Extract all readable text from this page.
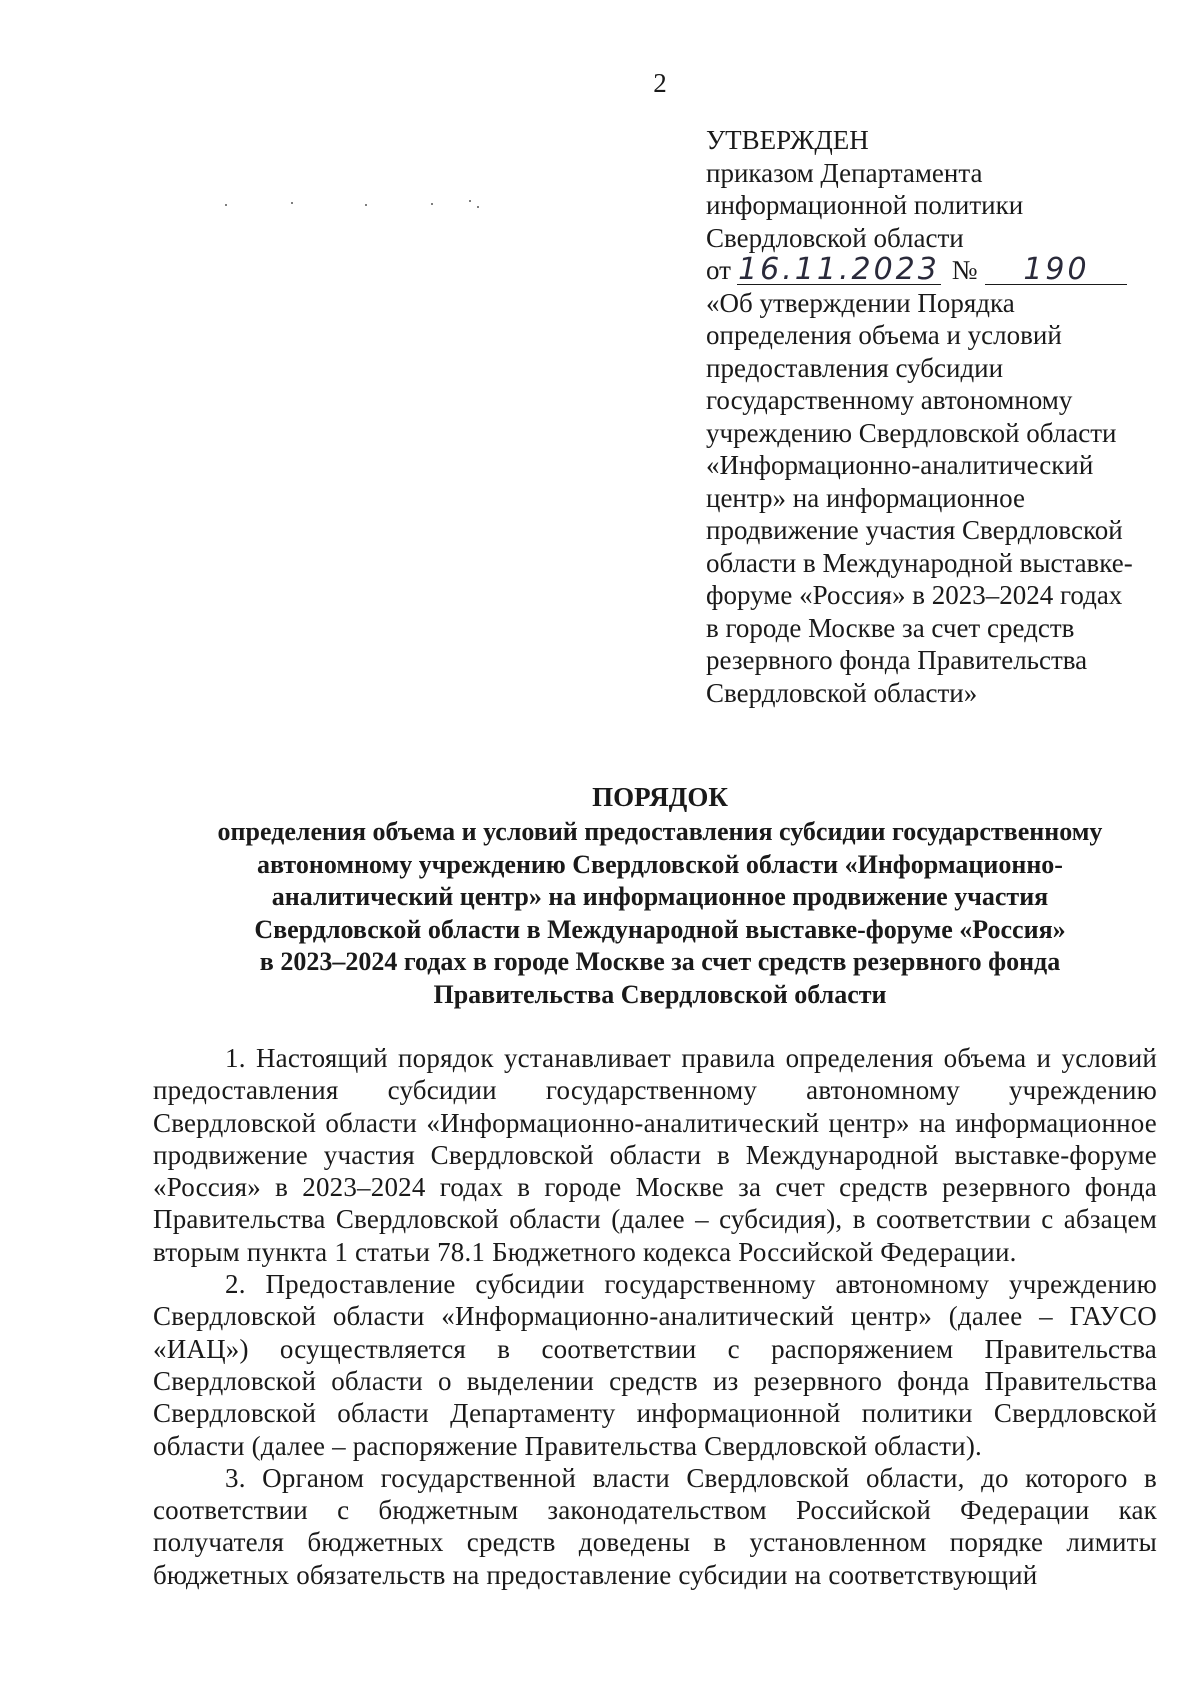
2
УТВЕРЖДЕН
приказом Департамента
информационной политики
Свердловской области
от 16.11.2023 № 190
«Об утверждении Порядка
определения объема и условий
предоставления субсидии
государственному автономному
учреждению Свердловской области
«Информационно-аналитический
центр» на информационное
продвижение участия Свердловской
области в Международной выставке-
форуме «Россия» в 2023–2024 годах
в городе Москве за счет средств
резервного фонда Правительства
Свердловской области»
ПОРЯДОК
определения объема и условий предоставления субсидии государственному
автономному учреждению Свердловской области «Информационно-
аналитический центр» на информационное продвижение участия
Свердловской области в Международной выставке-форуме «Россия»
в 2023–2024 годах в городе Москве за счет средств резервного фонда
Правительства Свердловской области

1. Настоящий порядок устанавливает правила определения объема и условий предоставления субсидии государственному автономному учреждению Свердловской области «Информационно-аналитический центр» на информационное продвижение участия Свердловской области в Международной выставке-форуме «Россия» в 2023–2024 годах в городе Москве за счет средств резервного фонда Правительства Свердловской области (далее – субсидия), в соответствии с абзацем вторым пункта 1 статьи 78.1 Бюджетного кодекса Российской Федерации.

2. Предоставление субсидии государственному автономному учреждению Свердловской области «Информационно-аналитический центр» (далее – ГАУСО «ИАЦ») осуществляется в соответствии с распоряжением Правительства Свердловской области о выделении средств из резервного фонда Правительства Свердловской области Департаменту информационной политики Свердловской области (далее – распоряжение Правительства Свердловской области).

3. Органом государственной власти Свердловской области, до которого в соответствии с бюджетным законодательством Российской Федерации как получателя бюджетных средств доведены в установленном порядке лимиты бюджетных обязательств на предоставление субсидии на соответствующий
